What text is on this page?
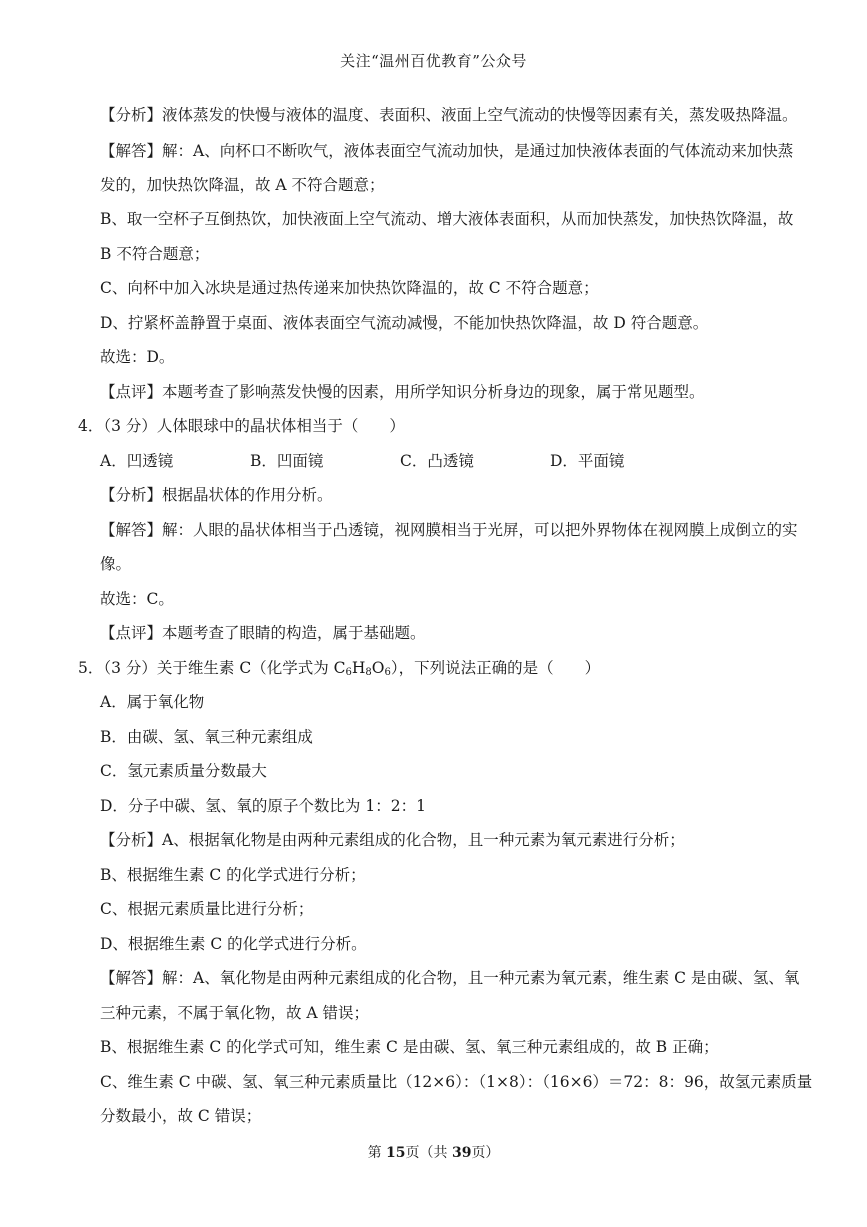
关注“温州百优教育”公众号
【分析】液体蒸发的快慢与液体的温度、表面积、液面上空气流动的快慢等因素有关，蒸发吸热降温。
【解答】解：A、向杯口不断吹气，液体表面空气流动加快，是通过加快液体表面的气体流动来加快蒸
发的，加快热饮降温，故 A 不符合题意；
B、取一空杯子互倒热饮，加快液面上空气流动、增大液体表面积，从而加快蒸发，加快热饮降温，故
B 不符合题意；
C、向杯中加入冰块是通过热传递来加快热饮降温的，故 C 不符合题意；
D、拧紧杯盖静置于桌面、液体表面空气流动减慢，不能加快热饮降温，故 D 符合题意。
故选：D。
【点评】本题考查了影响蒸发快慢的因素，用所学知识分析身边的现象，属于常见题型。
4．（3 分）人体眼球中的晶状体相当于（　　）
A．凹透镜	B．凹面镜	C．凸透镜	D．平面镜
【分析】根据晶状体的作用分析。
【解答】解：人眼的晶状体相当于凸透镜，视网膜相当于光屏，可以把外界物体在视网膜上成倒立的实
像。
故选：C。
【点评】本题考查了眼睛的构造，属于基础题。
5．（3 分）关于维生素 C（化学式为 $C_6H_8O_6$），下列说法正确的是（　　）
A．属于氧化物
B．由碳、氢、氧三种元素组成
C．氢元素质量分数最大
D．分子中碳、氢、氧的原子个数比为 1：2：1
【分析】A、根据氧化物是由两种元素组成的化合物，且一种元素为氧元素进行分析；
B、根据维生素 C 的化学式进行分析；
C、根据元素质量比进行分析；
D、根据维生素 C 的化学式进行分析。
【解答】解：A、氧化物是由两种元素组成的化合物，且一种元素为氧元素，维生素 C 是由碳、氢、氧
三种元素，不属于氧化物，故 A 错误；
B、根据维生素 C 的化学式可知，维生素 C 是由碳、氢、氧三种元素组成的，故 B 正确；
C、维生素 C 中碳、氢、氧三种元素质量比（12×6）：（1×8）：（16×6）＝72：8：96，故氢元素质量
分数最小，故 C 错误；
第 15页（共 39页）
